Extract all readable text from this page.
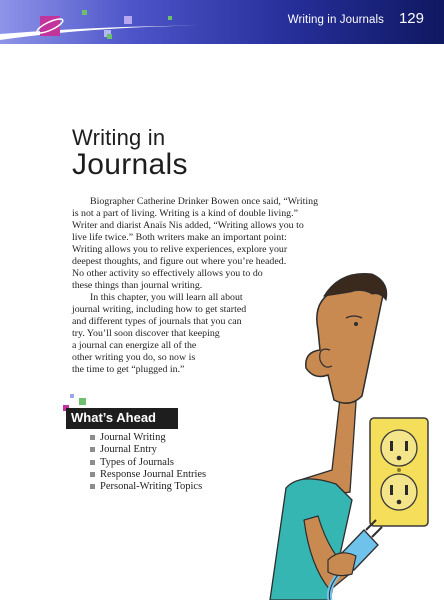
Writing in Journals 129
Writing in
Journals
Biographer Catherine Drinker Bowen once said, “Writing
is not a part of living. Writing is a kind of double living.”
Writer and diarist Anaïs Nis added, “Writing allows you to
live life twice.” Both writers make an important point:
Writing allows you to relive experiences, explore your
deepest thoughts, and figure out where you’re headed.
No other activity so effectively allows you to do
these things than journal writing.
In this chapter, you will learn all about
journal writing, including how to get started
and different types of journals that you can
try. You’ll soon discover that keeping
a journal can energize all of the
other writing you do, so now is
the time to get “plugged in.”
What’s Ahead
Journal Writing
Journal Entry
Types of Journals
Response Journal Entries
Personal-Writing Topics
